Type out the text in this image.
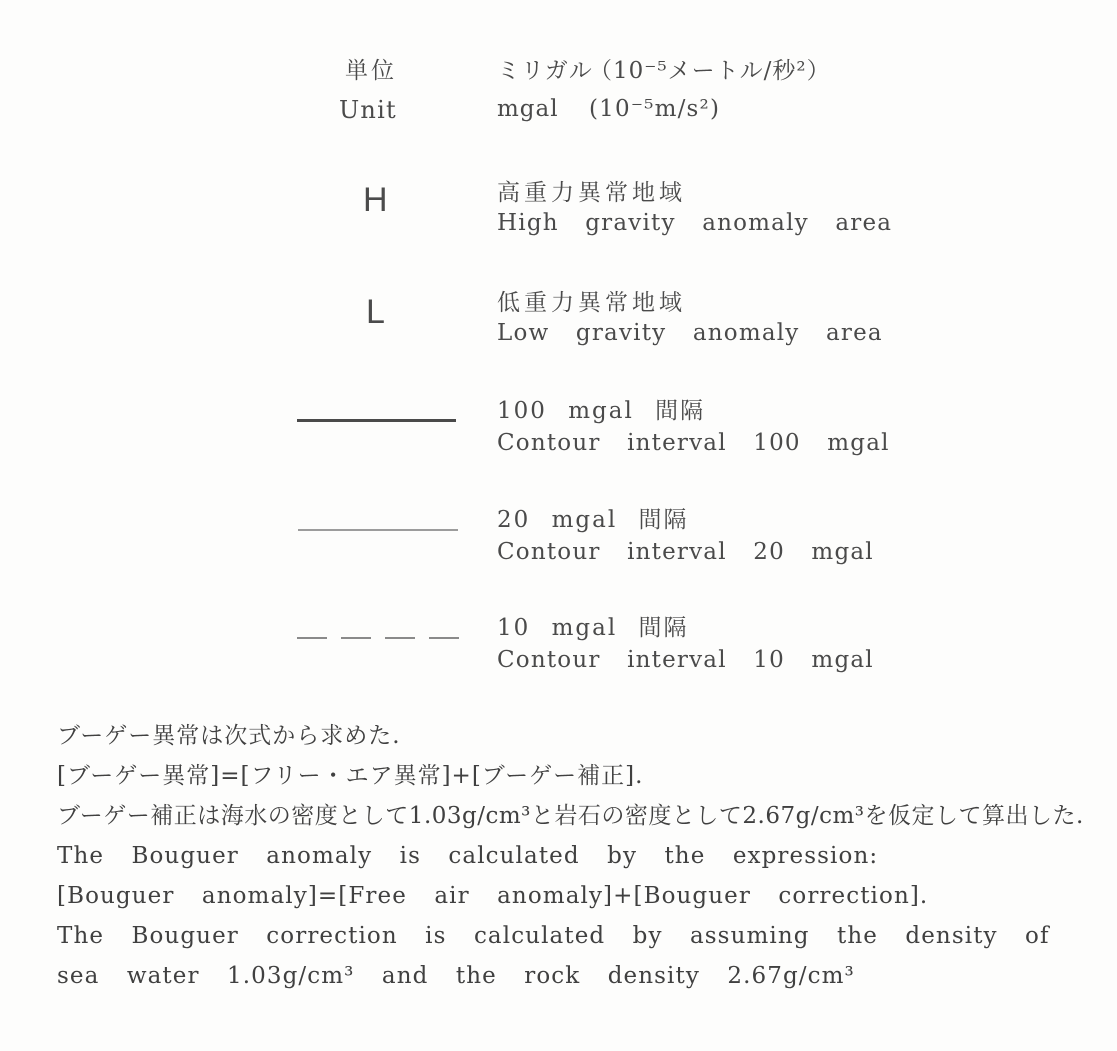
単位
Unit
ミリガル（10⁻⁵メートル/秒²）
mgal (10⁻⁵m/s²)
H	高重力異常地域
High gravity anomaly area
L	低重力異常地域
Low gravity anomaly area
100 mgal 間隔
Contour interval 100 mgal
20 mgal 間隔
Contour interval 20 mgal
10 mgal 間隔
Contour interval 10 mgal
ブーゲー異常は次式から求めた.
[ブーゲー異常]=[フリー・エア異常]+[ブーゲー補正].
ブーゲー補正は海水の密度として1.03g/cm³と岩石の密度として2.67g/cm³を仮定して算出した.
The Bouguer anomaly is calculated by the expression:
[Bouguer anomaly]=[Free air anomaly]+[Bouguer correction].
The Bouguer correction is calculated by assuming the density of
sea water 1.03g/cm³ and the rock density 2.67g/cm³
